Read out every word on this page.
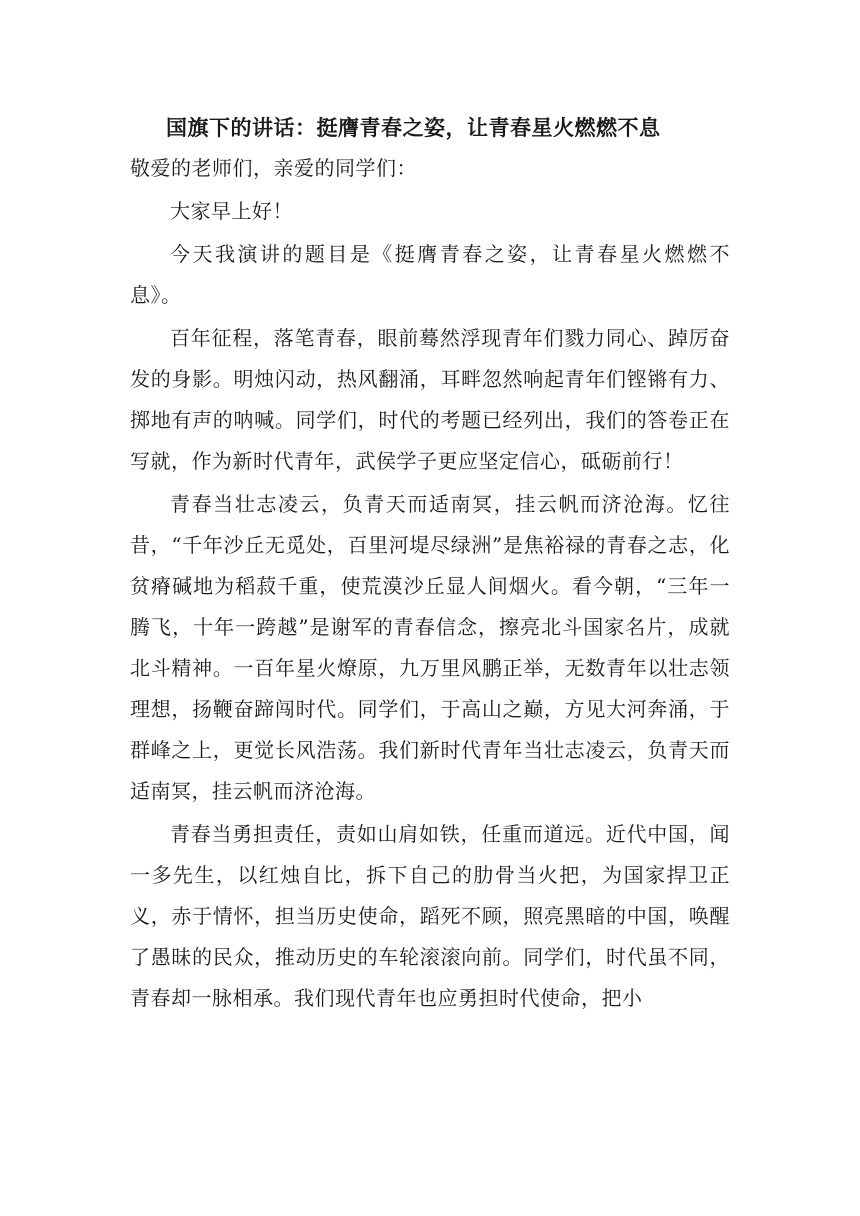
国旗下的讲话：挺膺青春之姿，让青春星火燃燃不息

敬爱的老师们，亲爱的同学们：

大家早上好！

今天我演讲的题目是《挺膺青春之姿，让青春星火燃燃不息》。

百年征程，落笔青春，眼前蓦然浮现青年们戮力同心、踔厉奋发的身影。明烛闪动，热风翻涌，耳畔忽然响起青年们铿锵有力、掷地有声的呐喊。同学们，时代的考题已经列出，我们的答卷正在写就，作为新时代青年，武侯学子更应坚定信心，砥砺前行！

青春当壮志凌云，负青天而适南冥，挂云帆而济沧海。忆往昔，“千年沙丘无觅处，百里河堤尽绿洲”是焦裕禄的青春之志，化贫瘠碱地为稻菽千重，使荒漠沙丘显人间烟火。看今朝，“三年一腾飞，十年一跨越”是谢军的青春信念，擦亮北斗国家名片，成就北斗精神。一百年星火燎原，九万里风鹏正举，无数青年以壮志领理想，扬鞭奋蹄闯时代。同学们，于高山之巅，方见大河奔涌，于群峰之上，更觉长风浩荡。我们新时代青年当壮志凌云，负青天而适南冥，挂云帆而济沧海。

青春当勇担责任，责如山肩如铁，任重而道远。近代中国，闻一多先生，以红烛自比，拆下自己的肋骨当火把，为国家捍卫正义，赤于情怀，担当历史使命，蹈死不顾，照亮黑暗的中国，唤醒了愚昧的民众，推动历史的车轮滚滚向前。同学们，时代虽不同，青春却一脉相承。我们现代青年也应勇担时代使命，把小
